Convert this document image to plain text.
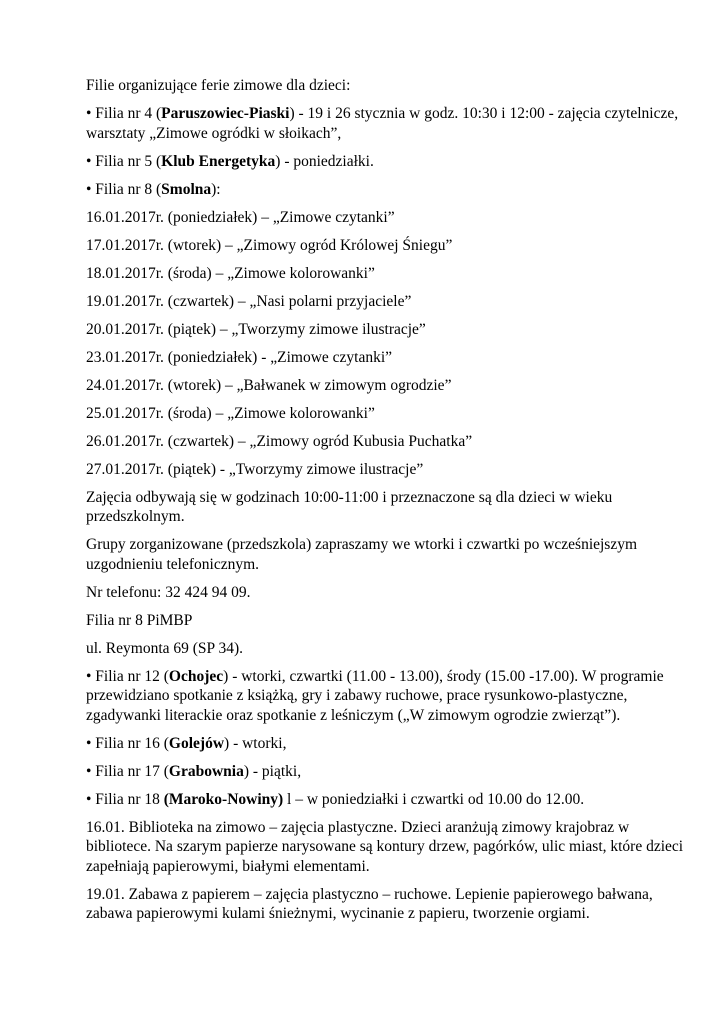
Filie organizujące ferie zimowe dla dzieci:

• Filia nr 4 (Paruszowiec-Piaski) - 19 i 26 stycznia w godz. 10:30 i 12:00 - zajęcia czytelnicze, warsztaty „Zimowe ogródki w słoikach”,

• Filia nr 5 (Klub Energetyka) - poniedziałki.

• Filia nr 8 (Smolna):

16.01.2017r. (poniedziałek) – „Zimowe czytanki”

17.01.2017r. (wtorek) – „Zimowy ogród Królowej Śniegu”

18.01.2017r. (środa) – „Zimowe kolorowanki”

19.01.2017r. (czwartek) – „Nasi polarni przyjaciele”

20.01.2017r. (piątek) – „Tworzymy zimowe ilustracje”

23.01.2017r. (poniedziałek) - „Zimowe czytanki”

24.01.2017r. (wtorek) – „Bałwanek w zimowym ogrodzie”

25.01.2017r. (środa) – „Zimowe kolorowanki”

26.01.2017r. (czwartek) – „Zimowy ogród Kubusia Puchatka”

27.01.2017r. (piątek) - „Tworzymy zimowe ilustracje”

Zajęcia odbywają się w godzinach 10:00-11:00 i przeznaczone są dla dzieci w wieku przedszkolnym.

Grupy zorganizowane (przedszkola) zapraszamy we wtorki i czwartki po wcześniejszym uzgodnieniu telefonicznym.

Nr telefonu: 32 424 94 09.

Filia nr 8 PiMBP

ul. Reymonta 69 (SP 34).

• Filia nr 12 (Ochojec) - wtorki, czwartki (11.00 - 13.00), środy (15.00 -17.00). W programie przewidziano spotkanie z książką, gry i zabawy ruchowe, prace rysunkowo-plastyczne, zgadywanki literackie oraz spotkanie z leśniczym („W zimowym ogrodzie zwierząt”).

• Filia nr 16 (Golejów) - wtorki,

• Filia nr 17 (Grabownia) - piątki,

• Filia nr 18 (Maroko-Nowiny) l – w poniedziałki i czwartki od 10.00 do 12.00.

16.01. Biblioteka na zimowo – zajęcia plastyczne. Dzieci aranżują zimowy krajobraz w bibliotece. Na szarym papierze narysowane są kontury drzew, pagórków, ulic miast, które dzieci zapełniają papierowymi, białymi elementami.

19.01. Zabawa z papierem – zajęcia plastyczno – ruchowe. Lepienie papierowego bałwana, zabawa papierowymi kulami śnieżnymi, wycinanie z papieru, tworzenie orgiami.
